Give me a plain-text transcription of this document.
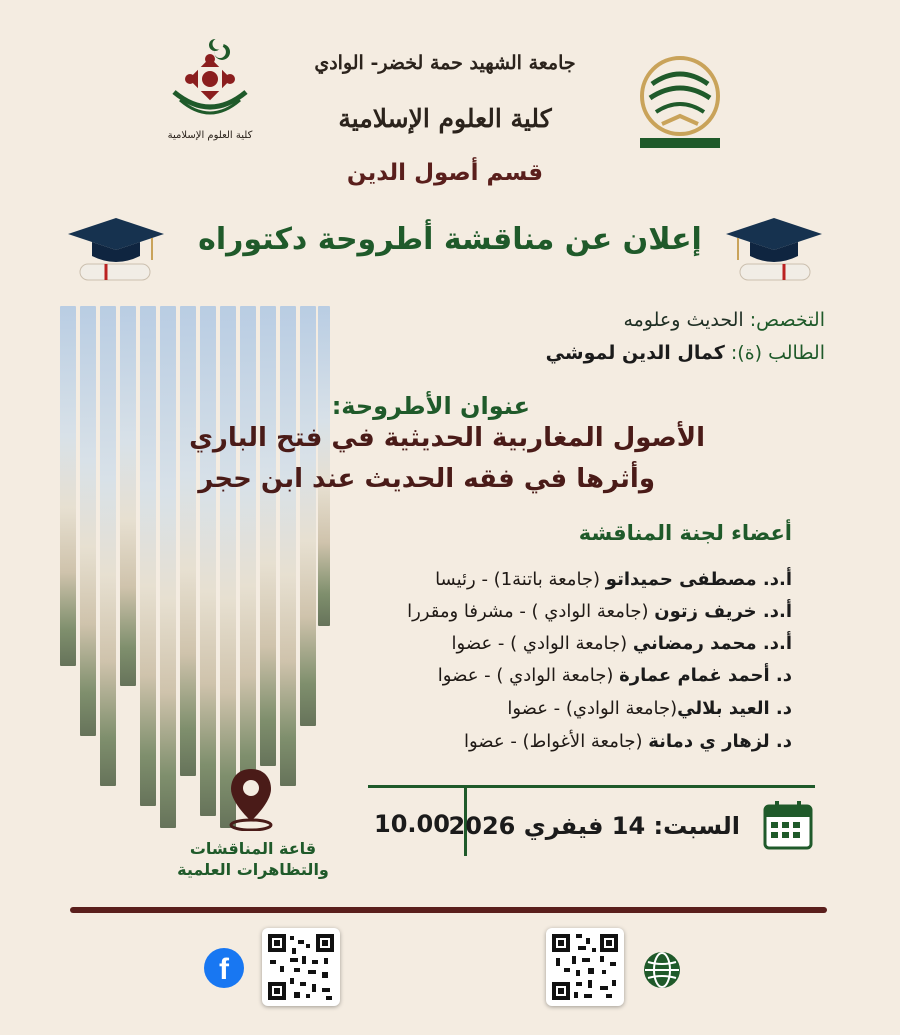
كلية العلوم الإسلامية
جامعة الشهيد حمة لخضر- الوادي
كلية العلوم الإسلامية
قسم أصول الدين
إعلان عن مناقشة أطروحة دكتوراه
التخصص: الحديث وعلومه
الطالب (ة): كمال الدين لموشي
عنوان الأطروحة:
الأصول المغاربية الحديثية في فتح الباري
وأثرها في فقه الحديث عند ابن حجر
أعضاء لجنة المناقشة
أ.د. مصطفى حميداتو (جامعة باتنة1) - رئيسا
أ.د. خريف زتون (جامعة الوادي ) - مشرفا ومقررا
أ.د. محمد رمضاني (جامعة الوادي ) - عضوا
د. أحمد غمام عمارة (جامعة الوادي ) - عضوا
د. العيد بلالي(جامعة الوادي) - عضوا
د. لزهار ي دمانة (جامعة الأغواط) - عضوا
10.00
السبت: 14 فيفري 2026
قاعة المناقشات
والتظاهرات العلمية
f
